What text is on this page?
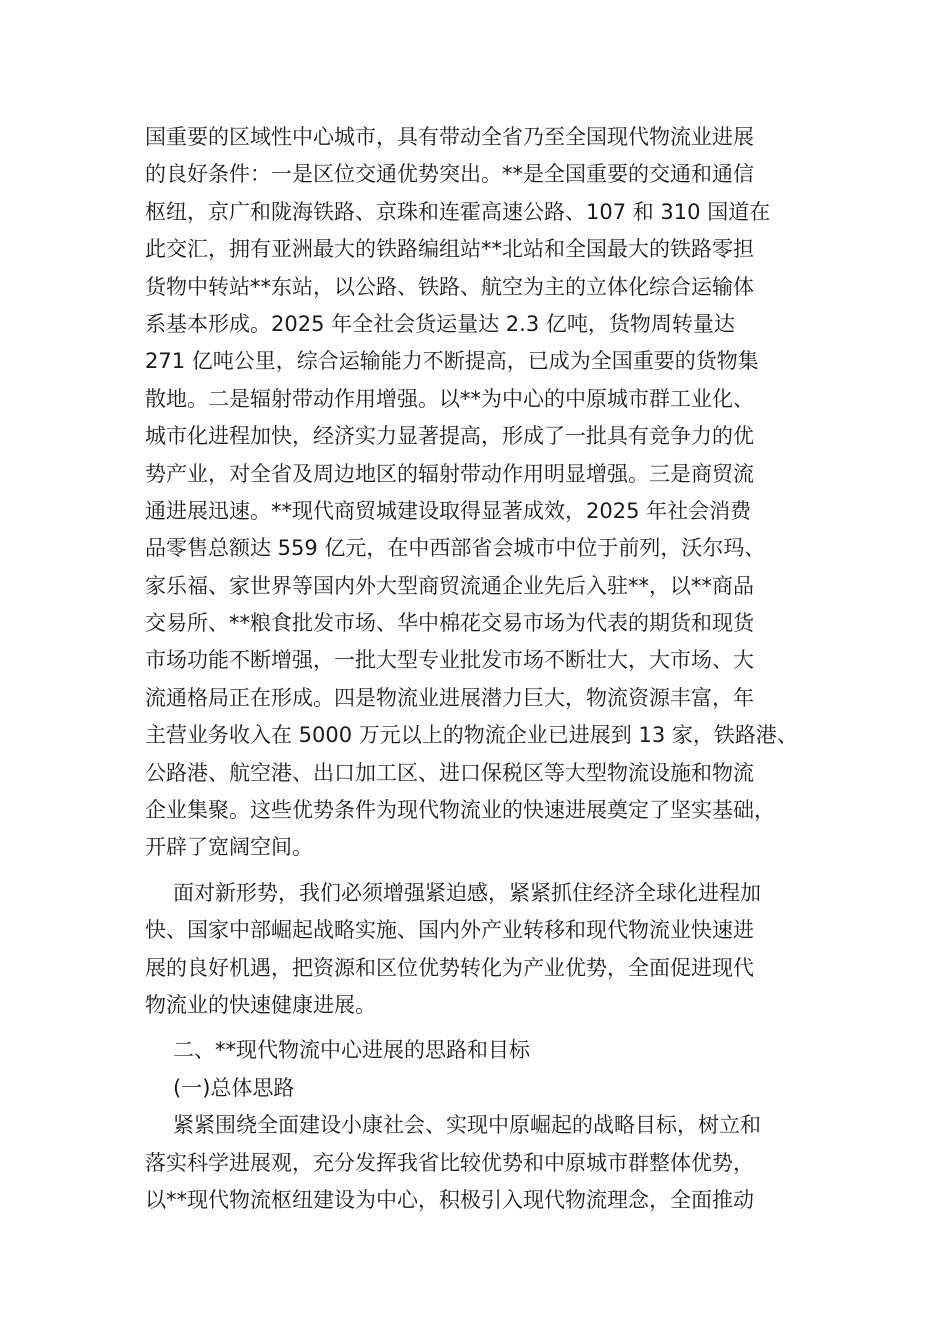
国重要的区域性中心城市，具有带动全省乃至全国现代物流业进展
的良好条件：一是区位交通优势突出。**是全国重要的交通和通信
枢纽，京广和陇海铁路、京珠和连霍高速公路、107 和 310 国道在
此交汇，拥有亚洲最大的铁路编组站**北站和全国最大的铁路零担
货物中转站**东站，以公路、铁路、航空为主的立体化综合运输体
系基本形成。2025 年全社会货运量达 2.3 亿吨，货物周转量达
271 亿吨公里，综合运输能力不断提高，已成为全国重要的货物集
散地。二是辐射带动作用增强。以**为中心的中原城市群工业化、
城市化进程加快，经济实力显著提高，形成了一批具有竞争力的优
势产业，对全省及周边地区的辐射带动作用明显增强。三是商贸流
通进展迅速。**现代商贸城建设取得显著成效，2025 年社会消费
品零售总额达 559 亿元，在中西部省会城市中位于前列，沃尔玛、
家乐福、家世界等国内外大型商贸流通企业先后入驻**，以**商品
交易所、**粮食批发市场、华中棉花交易市场为代表的期货和现货
市场功能不断增强，一批大型专业批发市场不断壮大，大市场、大
流通格局正在形成。四是物流业进展潜力巨大，物流资源丰富，年
主营业务收入在 5000 万元以上的物流企业已进展到 13 家，铁路港、
公路港、航空港、出口加工区、进口保税区等大型物流设施和物流
企业集聚。这些优势条件为现代物流业的快速进展奠定了坚实基础，
开辟了宽阔空间。
面对新形势，我们必须增强紧迫感，紧紧抓住经济全球化进程加
快、国家中部崛起战略实施、国内外产业转移和现代物流业快速进
展的良好机遇，把资源和区位优势转化为产业优势，全面促进现代
物流业的快速健康进展。
二、**现代物流中心进展的思路和目标
(一)总体思路
紧紧围绕全面建设小康社会、实现中原崛起的战略目标，树立和
落实科学进展观，充分发挥我省比较优势和中原城市群整体优势，
以**现代物流枢纽建设为中心，积极引入现代物流理念，全面推动
